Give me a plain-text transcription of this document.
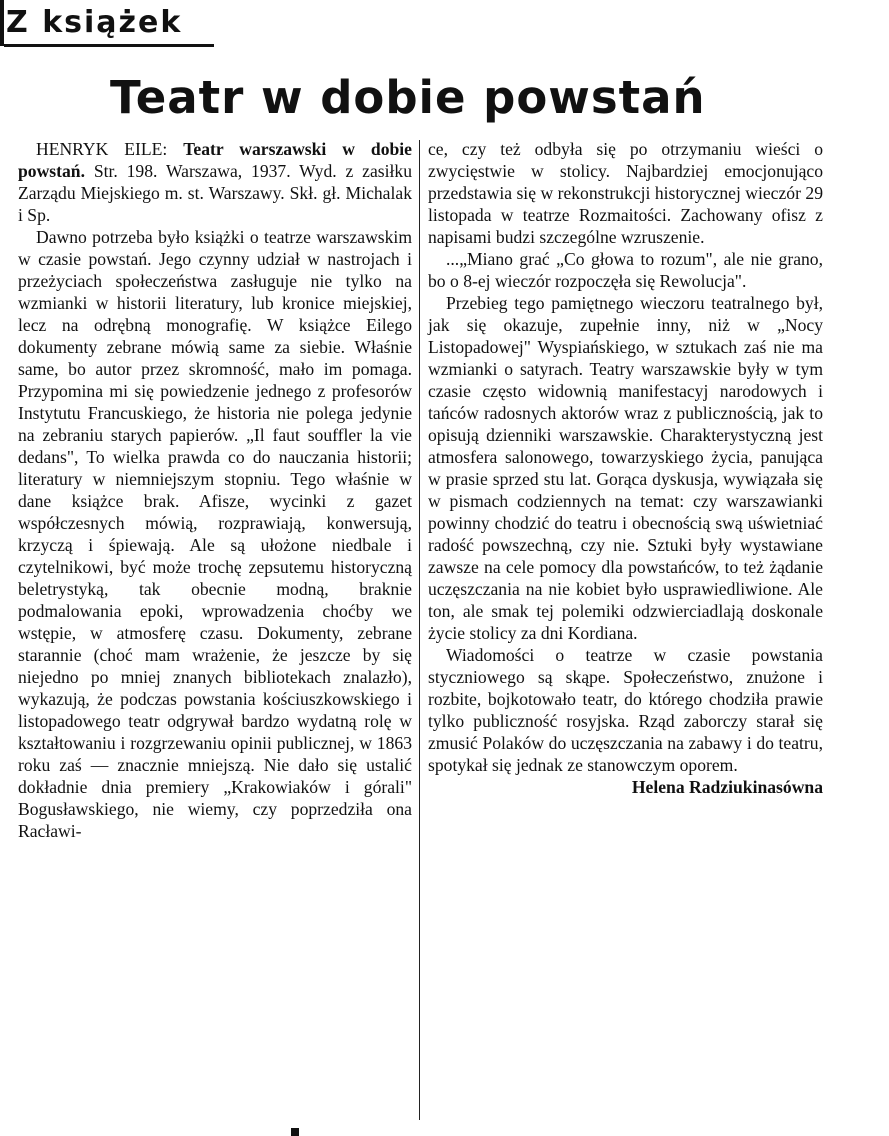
Z książek
Teatr w dobie powstań

HENRYK EILE: Teatr warszawski w dobie powstań. Str. 198. Warszawa, 1937. Wyd. z zasiłku Zarządu Miejskiego m. st. Warszawy. Skł. gł. Michalak i Sp.

Dawno potrzeba było książki o teatrze warszawskim w czasie powstań. Jego czynny udział w nastrojach i przeżyciach społeczeństwa zasługuje nie tylko na wzmianki w historii literatury, lub kronice miejskiej, lecz na odrębną monografię. W książce Eilego dokumenty zebrane mówią same za siebie. Właśnie same, bo autor przez skromność, mało im pomaga. Przypomina mi się powiedzenie jednego z profesorów Instytutu Francuskiego, że historia nie polega jedynie na zebraniu starych papierów. „Il faut souffler la vie dedans", To wielka prawda co do nauczania historii; literatury w niemniejszym stopniu. Tego właśnie w dane książce brak. Afisze, wycinki z gazet współczesnych mówią, rozprawiają, konwersują, krzyczą i śpiewają. Ale są ułożone niedbale i czytelnikowi, być może trochę zepsutemu historyczną beletrystyką, tak obecnie modną, braknie podmalowania epoki, wprowadzenia choćby we wstępie, w atmosferę czasu. Dokumenty, zebrane starannie (choć mam wrażenie, że jeszcze by się niejedno po mniej znanych bibliotekach znalazło), wykazują, że podczas powstania kościuszkowskiego i listopadowego teatr odgrywał bardzo wydatną rolę w kształtowaniu i rozgrzewaniu opinii publicznej, w 1863 roku zaś — znacznie mniejszą. Nie dało się ustalić dokładnie dnia premiery „Krakowiaków i górali" Bogusławskiego, nie wiemy, czy poprzedziła ona Racławi-

ce, czy też odbyła się po otrzymaniu wieści o zwycięstwie w stolicy. Najbardziej emocjonująco przedstawia się w rekonstrukcji historycznej wieczór 29 listopada w teatrze Rozmaitości. Zachowany ofisz z napisami budzi szczególne wzruszenie.

...„Miano grać „Co głowa to rozum", ale nie grano, bo o 8-ej wieczór rozpoczęła się Rewolucja".

Przebieg tego pamiętnego wieczoru teatralnego był, jak się okazuje, zupełnie inny, niż w „Nocy Listopadowej" Wyspiańskiego, w sztukach zaś nie ma wzmianki o satyrach. Teatry warszawskie były w tym czasie często widownią manifestacyj narodowych i tańców radosnych aktorów wraz z publicznością, jak to opisują dzienniki warszawskie. Charakterystyczną jest atmosfera salonowego, towarzyskiego życia, panująca w prasie sprzed stu lat. Gorąca dyskusja, wywiązała się w pismach codziennych na temat: czy warszawianki powinny chodzić do teatru i obecnością swą uświetniać radość powszechną, czy nie. Sztuki były wystawiane zawsze na cele pomocy dla powstańców, to też żądanie uczęszczania na nie kobiet było usprawiedliwione. Ale ton, ale smak tej polemiki odzwierciadlają doskonale życie stolicy za dni Kordiana.

Wiadomości o teatrze w czasie powstania styczniowego są skąpe. Społeczeństwo, znużone i rozbite, bojkotowało teatr, do którego chodziła prawie tylko publiczność rosyjska. Rząd zaborczy starał się zmusić Polaków do uczęszczania na zabawy i do teatru, spotykał się jednak ze stanowczym oporem.

Helena Radziukinasówna
